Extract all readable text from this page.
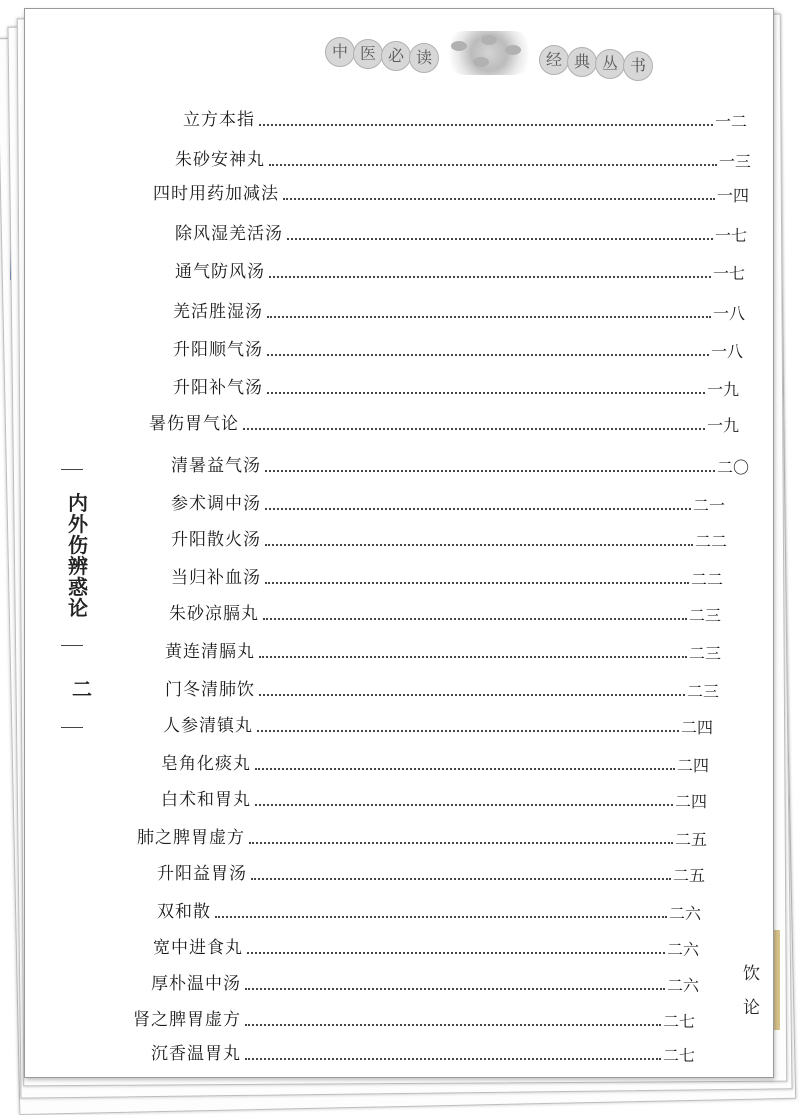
中 医 必 读	经 典 丛 书
内外伤辨惑论
二
饮
论
立方本指	一二
朱砂安神丸	一三
四时用药加减法	一四
除风湿羌活汤	一七
通气防风汤	一七
羌活胜湿汤	一八
升阳顺气汤	一八
升阳补气汤	一九
暑伤胃气论	一九
清暑益气汤	二〇
参术调中汤	二一
升阳散火汤	二二
当归补血汤	二二
朱砂凉膈丸	二三
黄连清膈丸	二三
门冬清肺饮	二三
人参清镇丸	二四
皂角化痰丸	二四
白术和胃丸	二四
肺之脾胃虚方	二五
升阳益胃汤	二五
双和散	二六
宽中进食丸	二六
厚朴温中汤	二六
肾之脾胃虚方	二七
沉香温胃丸	二七
